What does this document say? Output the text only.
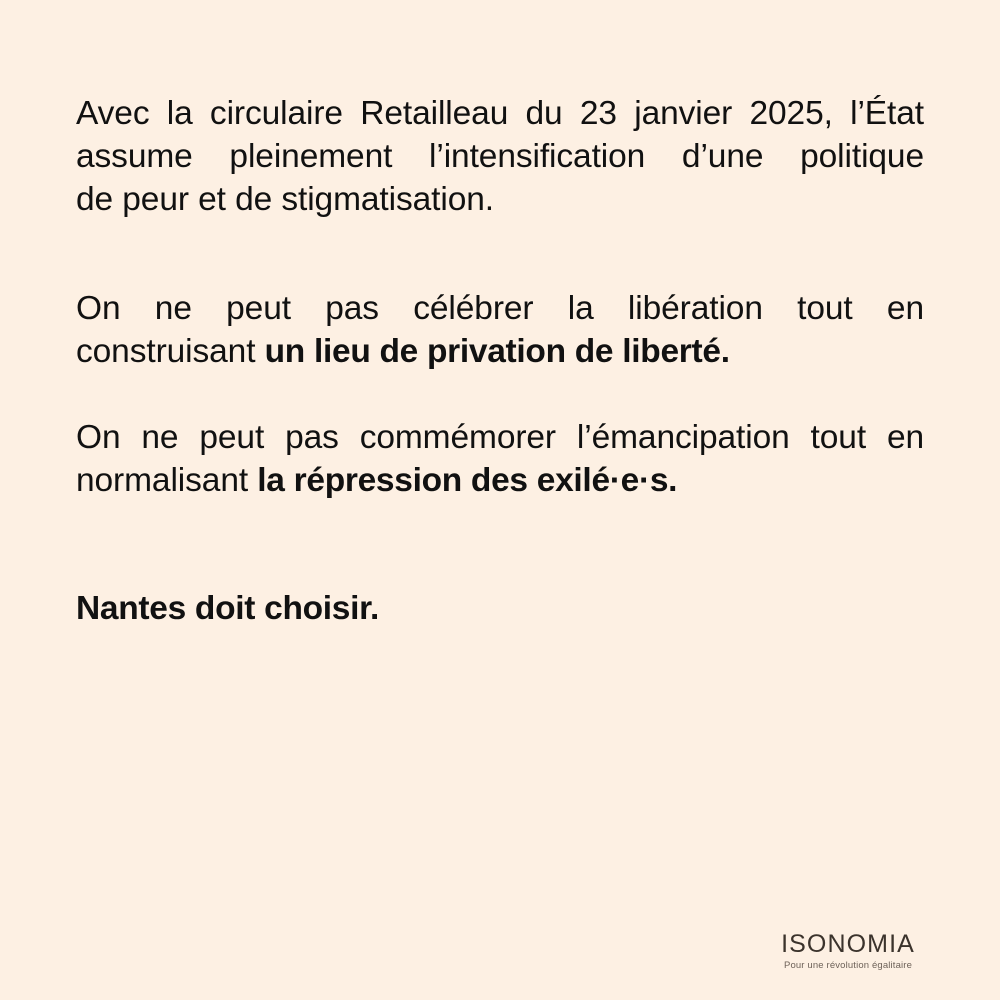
Avec la circulaire Retailleau du 23 janvier 2025, l’État
assume pleinement l’intensification d’une politique
de peur et de stigmatisation.

On ne peut pas célébrer la libération tout en
construisant un lieu de privation de liberté.

On ne peut pas commémorer l’émancipation tout en
normalisant la répression des exilé·e·s.

Nantes doit choisir.

ISONOMIA
Pour une révolution égalitaire
